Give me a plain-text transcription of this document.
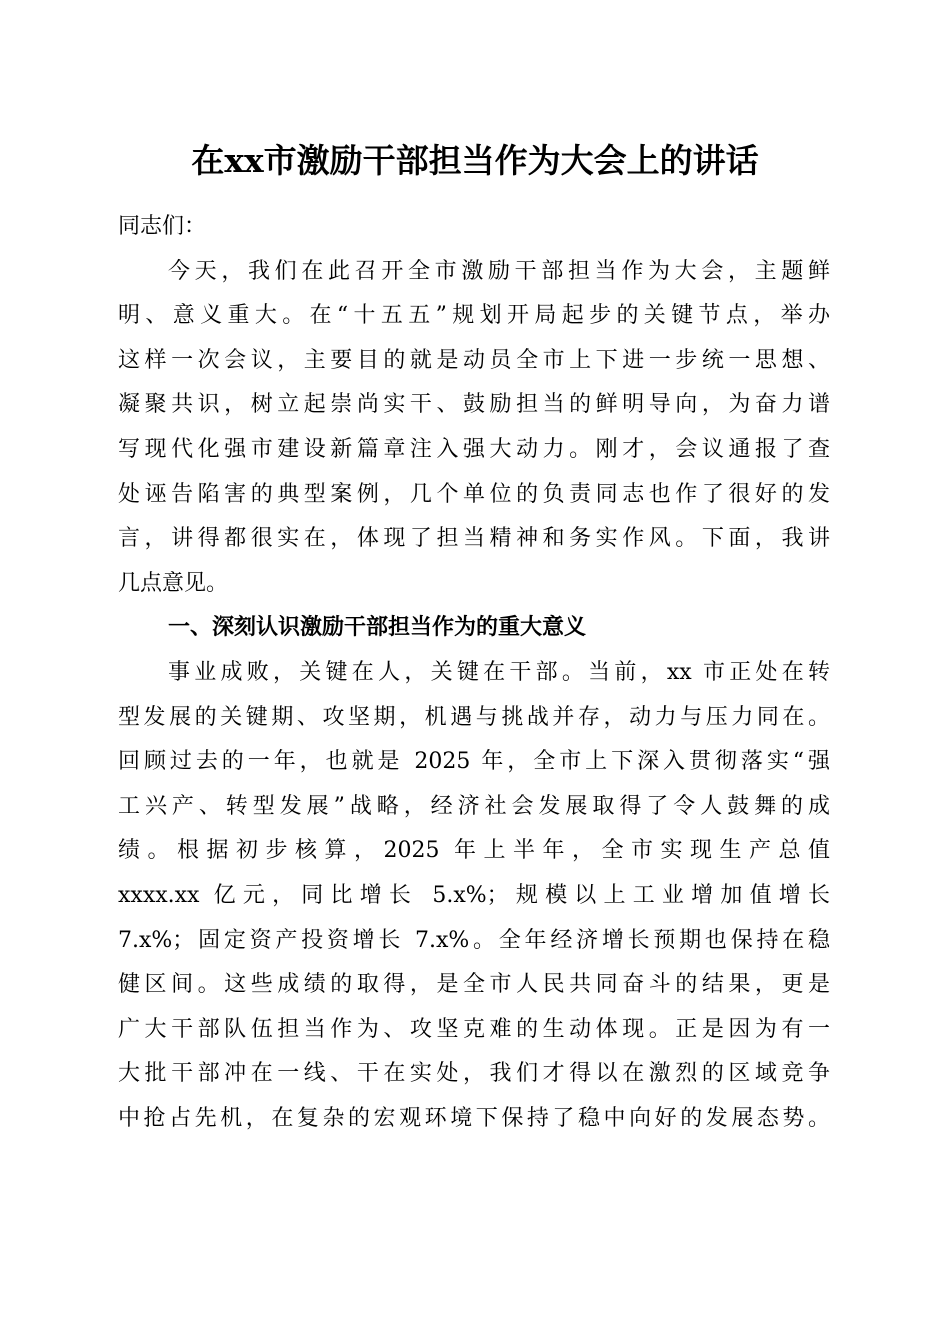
在xx市激励干部担当作为大会上的讲话
同志们：
今天，我们在此召开全市激励干部担当作为大会，主题鲜
明、意义重大。在“十五五”规划开局起步的关键节点，举办
这样一次会议，主要目的就是动员全市上下进一步统一思想、
凝聚共识，树立起崇尚实干、鼓励担当的鲜明导向，为奋力谱
写现代化强市建设新篇章注入强大动力。刚才，会议通报了查
处诬告陷害的典型案例，几个单位的负责同志也作了很好的发
言，讲得都很实在，体现了担当精神和务实作风。下面，我讲
几点意见。
一、深刻认识激励干部担当作为的重大意义
事业成败，关键在人，关键在干部。当前，xx 市正处在转
型发展的关键期、攻坚期，机遇与挑战并存，动力与压力同在。
回顾过去的一年，也就是 2025 年，全市上下深入贯彻落实“强
工兴产、转型发展”战略，经济社会发展取得了令人鼓舞的成
绩。根据初步核算，2025 年上半年，全市实现生产总值
xxxx.xx 亿元，同比增长 5.x%；规模以上工业增加值增长
7.x%；固定资产投资增长 7.x%。全年经济增长预期也保持在稳
健区间。这些成绩的取得，是全市人民共同奋斗的结果，更是
广大干部队伍担当作为、攻坚克难的生动体现。正是因为有一
大批干部冲在一线、干在实处，我们才得以在激烈的区域竞争
中抢占先机，在复杂的宏观环境下保持了稳中向好的发展态势。
